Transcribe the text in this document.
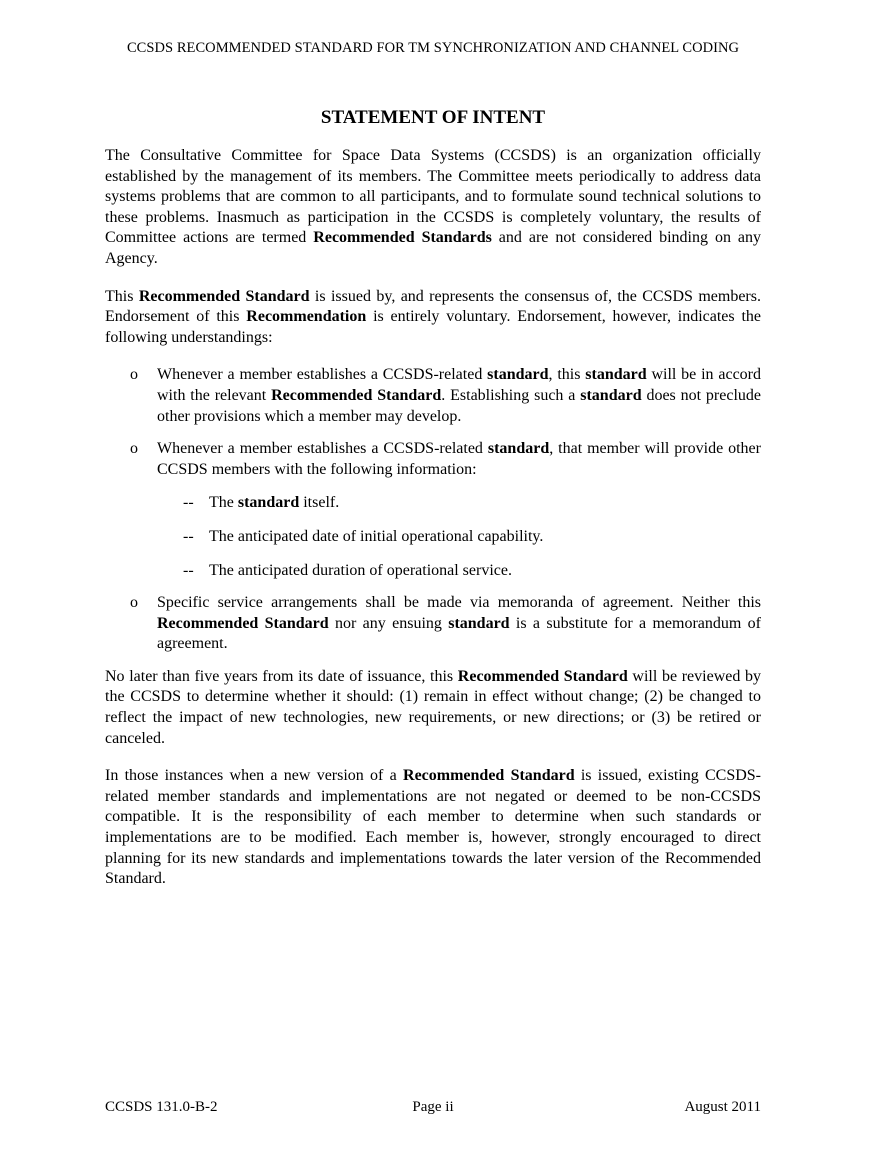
CCSDS RECOMMENDED STANDARD FOR TM SYNCHRONIZATION AND CHANNEL CODING
STATEMENT OF INTENT

The Consultative Committee for Space Data Systems (CCSDS) is an organization officially established by the management of its members. The Committee meets periodically to address data systems problems that are common to all participants, and to formulate sound technical solutions to these problems. Inasmuch as participation in the CCSDS is completely voluntary, the results of Committee actions are termed Recommended Standards and are not considered binding on any Agency.

This Recommended Standard is issued by, and represents the consensus of, the CCSDS members. Endorsement of this Recommendation is entirely voluntary. Endorsement, however, indicates the following understandings:

o Whenever a member establishes a CCSDS-related standard, this standard will be in accord with the relevant Recommended Standard. Establishing such a standard does not preclude other provisions which a member may develop.
o Whenever a member establishes a CCSDS-related standard, that member will provide other CCSDS members with the following information:
-- The standard itself.
-- The anticipated date of initial operational capability.
-- The anticipated duration of operational service.
o Specific service arrangements shall be made via memoranda of agreement. Neither this Recommended Standard nor any ensuing standard is a substitute for a memorandum of agreement.

No later than five years from its date of issuance, this Recommended Standard will be reviewed by the CCSDS to determine whether it should: (1) remain in effect without change; (2) be changed to reflect the impact of new technologies, new requirements, or new directions; or (3) be retired or canceled.

In those instances when a new version of a Recommended Standard is issued, existing CCSDS-related member standards and implementations are not negated or deemed to be non-CCSDS compatible. It is the responsibility of each member to determine when such standards or implementations are to be modified. Each member is, however, strongly encouraged to direct planning for its new standards and implementations towards the later version of the Recommended Standard.

Page ii
CCSDS 131.0-B-2	August 2011
